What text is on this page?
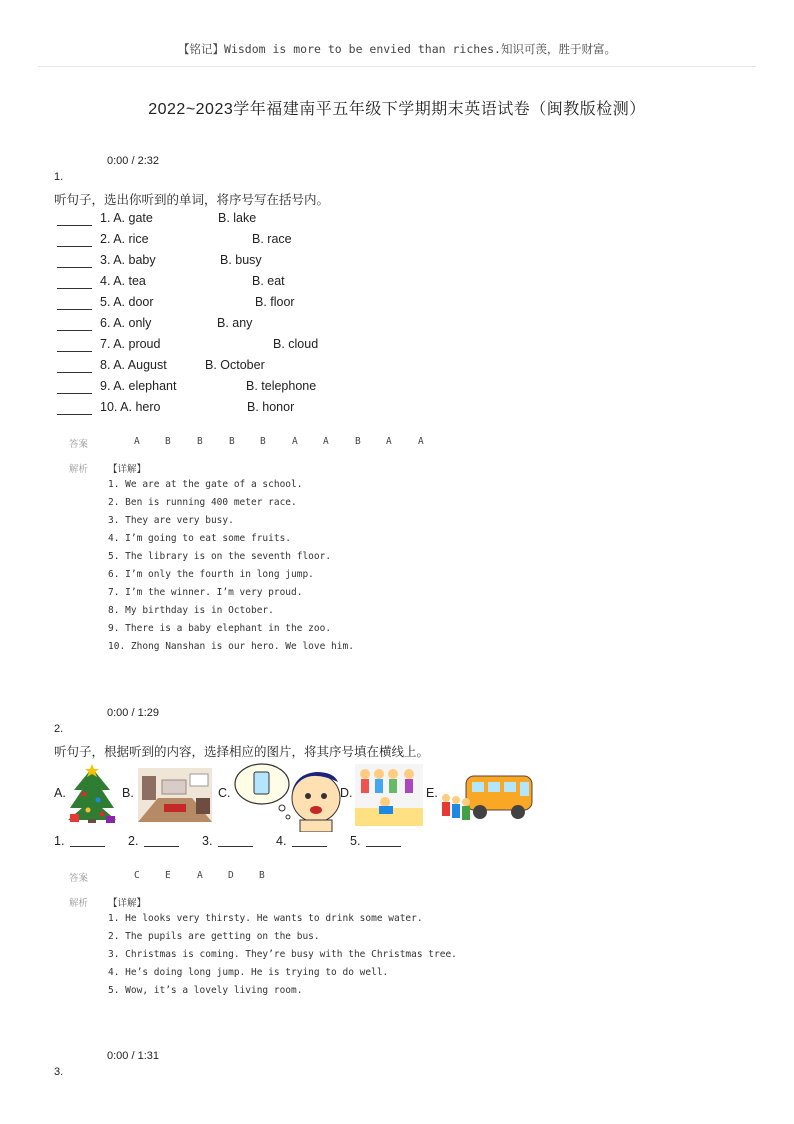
【铭记】Wisdom is more to be envied than riches.知识可羡，胜于财富。
2022~2023学年福建南平五年级下学期期末英语试卷（闽教版检测）
0:00 / 2:32
1.
听句子，选出你听到的单词，将序号写在括号内。
1. A. gate	B. lake
2. A. rice	B. race
3. A. baby	B. busy
4. A. tea	B. eat
5. A. door	B. floor
6. A. only	B. any
7. A. proud	B. cloud
8. A. August	B. October
9. A. elephant	B. telephone
10. A. hero	B. honor
答案	A	B	B	B	B	A	A	B	A	A
解析 【详解】
1. We are at the gate of a school.
2. Ben is running 400 meter race.
3. They are very busy.
4. I’m going to eat some fruits.
5. The library is on the seventh floor.
6. I’m only the fourth in long jump.
7. I’m the winner. I’m very proud.
8. My birthday is in October.
9. There is a baby elephant in the zoo.
10. Zhong Nanshan is our hero. We love him.
0:00 / 1:29
2.
听句子，根据听到的内容，选择相应的图片，将其序号填在横线上。
A.	B.	C.	D.	E.
1.	2.	3.	4.	5.
答案	C	E	A	D	B
解析 【详解】
1. He looks very thirsty. He wants to drink some water.
2. The pupils are getting on the bus.
3. Christmas is coming. They’re busy with the Christmas tree.
4. He’s doing long jump. He is trying to do well.
5. Wow, it’s a lovely living room.
0:00 / 1:31
3.
